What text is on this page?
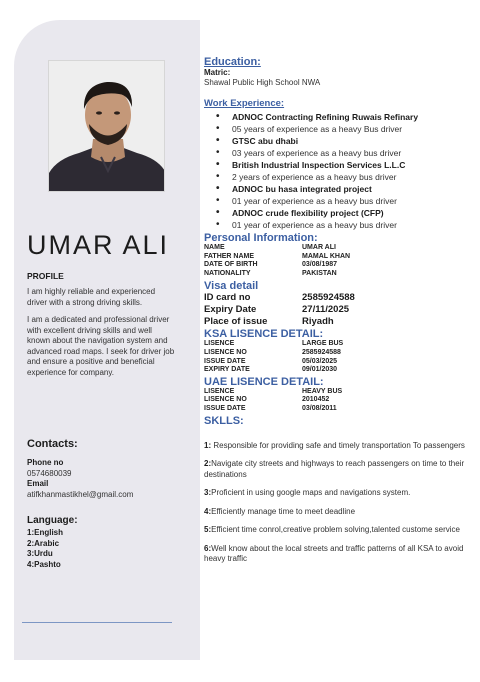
UMAR ALI
PROFILE
I am highly reliable and experienced driver with a strong driving skills.
I am a dedicated and professional driver with excellent driving skills and well known about the navigation system and advanced road maps. I seek for driver job and ensure a positive and beneficial experience for company.
Contacts:
Phone no
0574680039
Email
atifkhanmastikhel@gmail.com
Language:
1:English
2:Arabic
3:Urdu
4:Pashto
Education:
Matric:
Shawal Public High School NWA
Work Experience:
• ADNOC Contracting Refining Ruwais Refinary
• 05 years of experience as a heavy Bus driver
• GTSC abu dhabi
• 03 years of experience as a heavy bus driver
• British Industrial Inspection Services L.L.C
• 2 years of experience as a heavy bus driver
• ADNOC bu hasa integrated project
• 01 year of experience as a heavy bus driver
• ADNOC crude flexibility project (CFP)
• 01 year of experience as a heavy bus driver
Personal Information:
NAME	UMAR ALI
FATHER NAME	MAMAL KHAN
DATE OF BIRTH	03/08/1987
NATIONALITY	PAKISTAN
Visa detail
ID card no	2585924588
Expiry Date	27/11/2025
Place of issue	Riyadh
KSA LISENCE DETAIL:
LISENCE	LARGE BUS
LISENCE NO	2585924588
ISSUE DATE	05/03/2025
EXPIRY DATE	09/01/2030
UAE LISENCE DETAIL:
LISENCE	HEAVY BUS
LISENCE NO	2010452
ISSUE DATE	03/08/2011
SKLLS:
1: Responsible for providing safe and timely transportation To passengers
2:Navigate city streets and highways to reach passengers on time to their destinations
3:Proficient in using google maps and navigations system.
4:Efficiently manage time to meet deadline
5:Efficient time conrol,creative problem solving,talented custome service
6:Well know about the local streets and traffic patterns of all KSA to avoid heavy traffic
